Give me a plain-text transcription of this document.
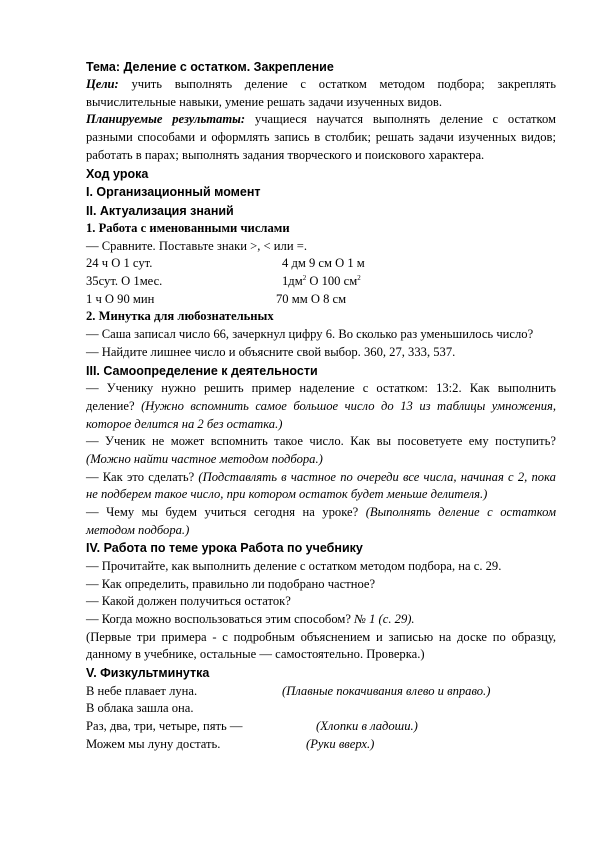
Тема: Деление с остатком. Закрепление
Цели: учить выполнять деление с остатком методом подбора; закреплять вычислительные навыки, умение решать задачи изученных видов.
Планируемые результаты: учащиеся научатся выполнять деление с остатком разными способами и оформлять запись в столбик; решать задачи изученных видов; работать в парах; выполнять задания творческого и поискового характера.
Ход урока
I. Организационный момент
II. Актуализация знаний
1. Работа с именованными числами
— Сравните. Поставьте знаки >, < или =.
24 ч О 1 сут.	4 дм 9 см О 1 м
35сут. О 1мес.	$1дм^2$ О 100 $см^2$
1 ч О 90 мин	70 мм О 8 см
2. Минутка для любознательных
— Саша записал число 66, зачеркнул цифру 6. Во сколько раз уменьшилось число?
— Найдите лишнее число и объясните свой выбор. 360, 27, 333, 537.
III. Самоопределение к деятельности
— Ученику нужно решить пример наделение с остатком: 13:2. Как выполнить деление? (Нужно вспомнить самое большое число до 13 из таблицы умножения, которое делится на 2 без остатка.)
— Ученик не может вспомнить такое число. Как вы посоветуете ему поступить? (Можно найти частное методом подбора.)
— Как это сделать? (Подставлять в частное по очереди все числа, начиная с 2, пока не подберем такое число, при котором остаток будет меньше делителя.)
— Чему мы будем учиться сегодня на уроке? (Выполнять деление с остатком методом подбора.)
IV. Работа по теме урока Работа по учебнику
— Прочитайте, как выполнить деление с остатком методом подбора, на с. 29.
— Как определить, правильно ли подобрано частное?
— Какой должен получиться остаток?
— Когда можно воспользоваться этим способом? № 1 (с. 29).
(Первые три примера - с подробным объяснением и записью на доске по образцу, данному в учебнике, остальные — самостоятельно. Проверка.)
V. Физкультминутка
В небе плавает луна.	(Плавные покачивания влево и вправо.)
В облака зашла она.
Раз, два, три, четыре, пять —	(Хлопки в ладоши.)
Можем мы луну достать.	(Руки вверх.)
